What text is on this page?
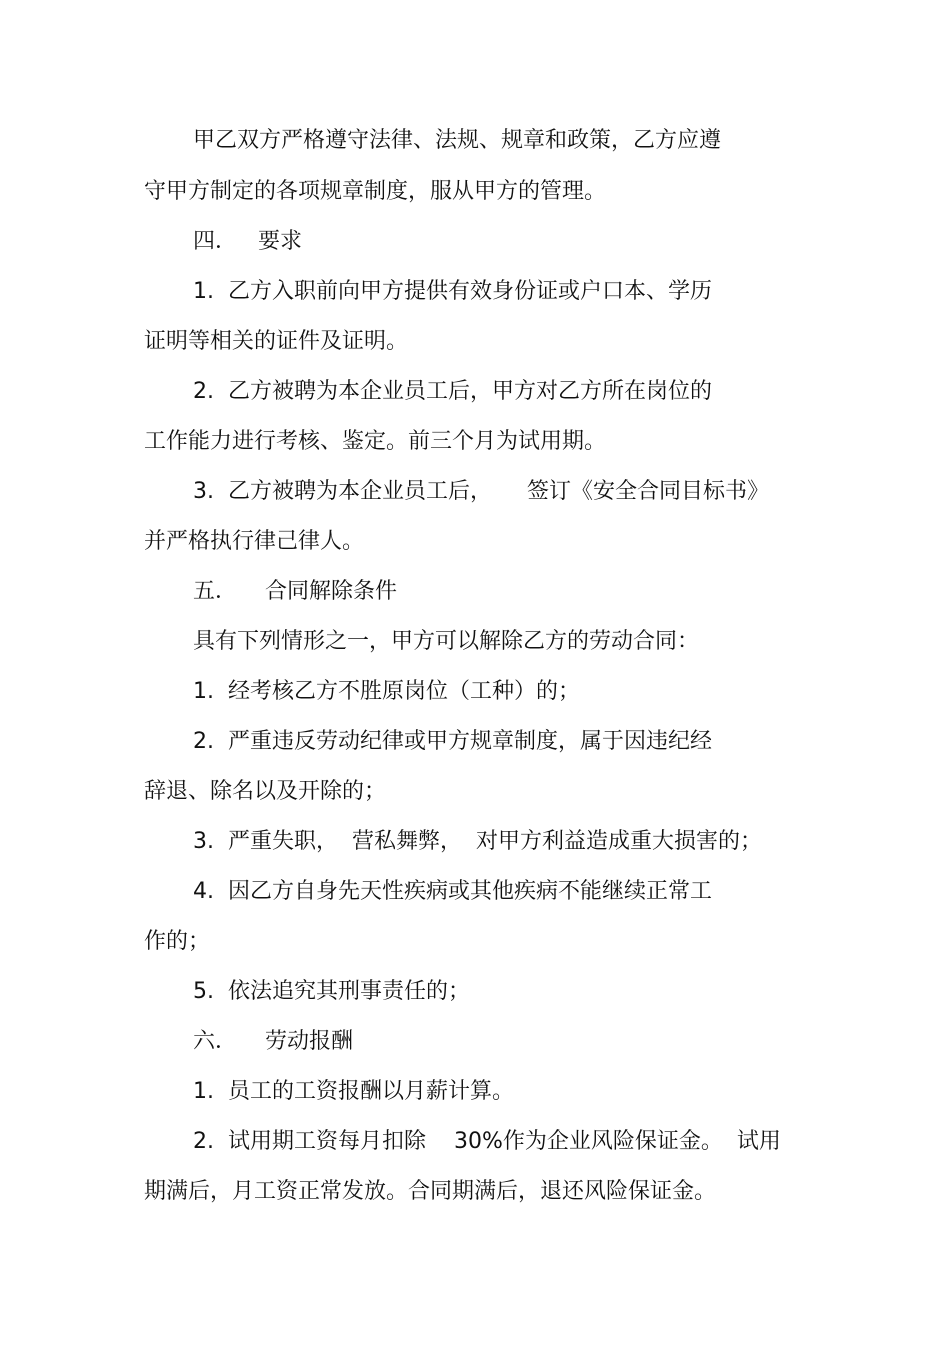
甲乙双方严格遵守法律、法规、规章和政策，乙方应遵

守甲方制定的各项规章制度，服从甲方的管理。

四．   要求

1.  乙方入职前向甲方提供有效身份证或户口本、学历

证明等相关的证件及证明。

2.  乙方被聘为本企业员工后，甲方对乙方所在岗位的

工作能力进行考核、鉴定。前三个月为试用期。

3.  乙方被聘为本企业员工后，     签订《安全合同目标书》

并严格执行律己律人。

五．    合同解除条件

具有下列情形之一，甲方可以解除乙方的劳动合同：

1.  经考核乙方不胜原岗位（工种）的；

2.  严重违反劳动纪律或甲方规章制度，属于因违纪经

辞退、除名以及开除的；

3.  严重失职，  营私舞弊，  对甲方利益造成重大损害的；

4.  因乙方自身先天性疾病或其他疾病不能继续正常工

作的；

5.  依法追究其刑事责任的；

六．    劳动报酬

1.  员工的工资报酬以月薪计算。

2.  试用期工资每月扣除    30%作为企业风险保证金。  试用

期满后，月工资正常发放。合同期满后，退还风险保证金。
